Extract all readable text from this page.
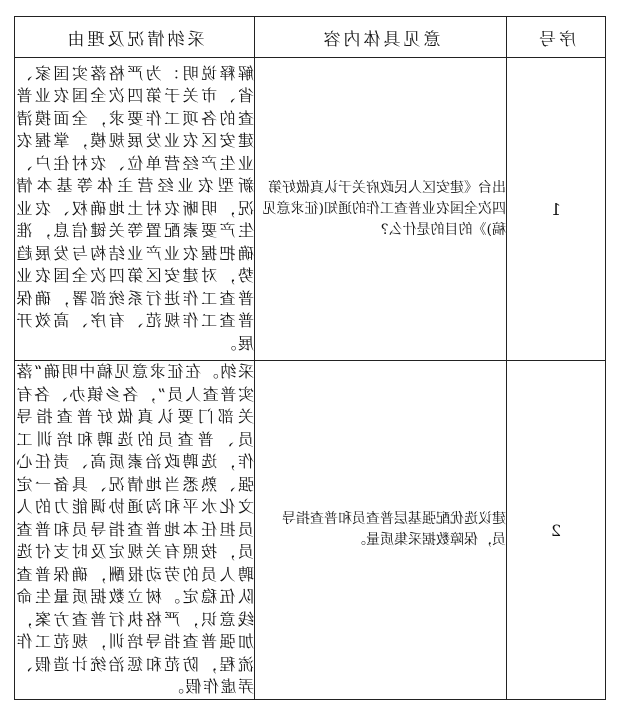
序号	意见具体内容	采纳情况及理由
1	出台《建安区人民政府关于认真做好第四次全国农业普查工作的通知(征求意见稿)》的目的是什么?	解释说明：为严格落实国家、省、市关于第四次全国农业普查的各项工作要求，全面摸清建安区农业发展规模，掌握农业生产经营单位、农村住户、新型农业经营主体等基本情况，明晰农村土地确权、农业生产要素配置等关键信息，准确把握农业产业结构与发展趋势，对建安区第四次全国农业普查工作进行系统部署，确保普查工作规范、有序、高效开展。

2	建议选优配强基层普查员和普查指导员，保障数据采集质量。	采纳。在征求意见稿中明确“落实普查人员”，各乡镇办、各有关部门要认真做好普查指导员、普查员的选聘和培训工作，选聘政治素质高、责任心强、熟悉当地情况、具备一定文化水平和沟通协调能力的人员担任本地普查指导员和普查员，按照有关规定及时支付选聘人员的劳动报酬，确保普查队伍稳定。树立数据质量生命线意识，严格执行普查方案，加强普查指导培训，规范工作流程，防范和惩治统计造假、弄虚作假。
